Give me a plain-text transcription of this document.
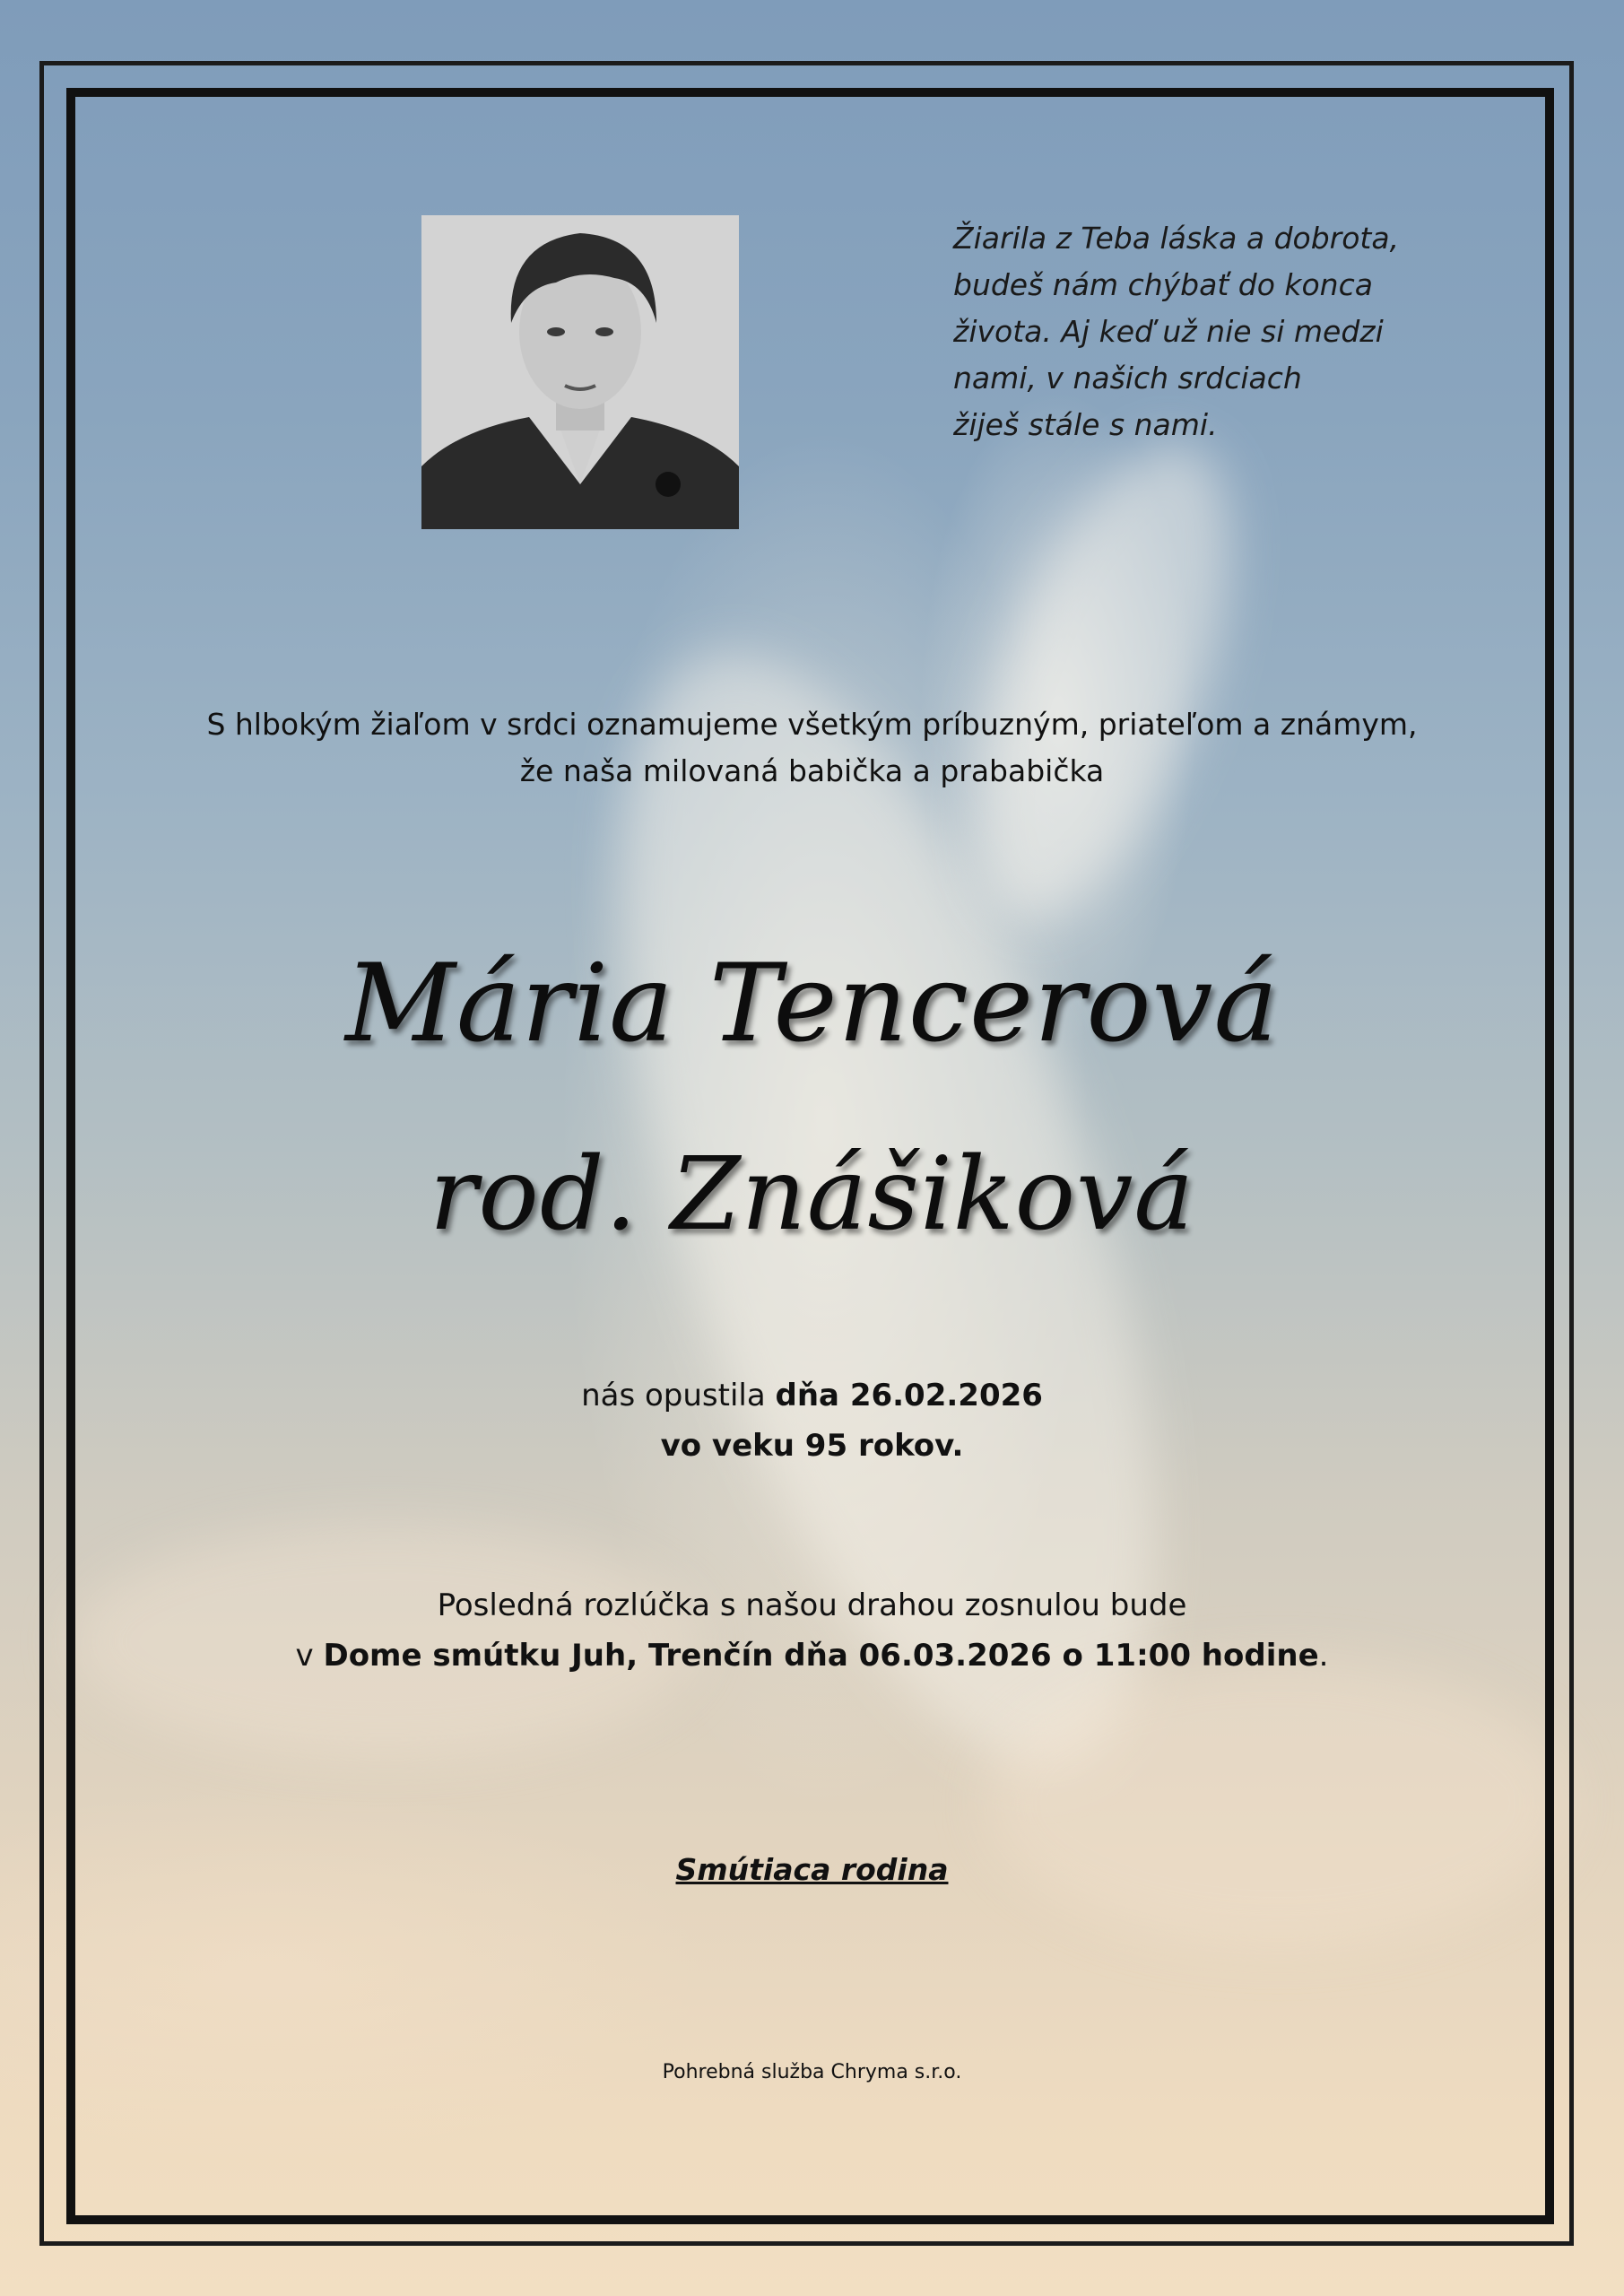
Žiarila z Teba láska a dobrota,
budeš nám chýbať do konca
života. Aj keď už nie si medzi
nami, v našich srdciach
žiješ stále s nami.

S hlbokým žiaľom v srdci oznamujeme všetkým príbuzným, priateľom a známym,
že naša milovaná babička a prababička

Mária Tencerová

rod. Znášiková

nás opustila dňa 26.02.2026
vo veku 95 rokov.

Posledná rozlúčka s našou drahou zosnulou bude
v Dome smútku Juh, Trenčín dňa 06.03.2026 o 11:00 hodine.

Smútiaca rodina

Pohrebná služba Chryma s.r.o.
